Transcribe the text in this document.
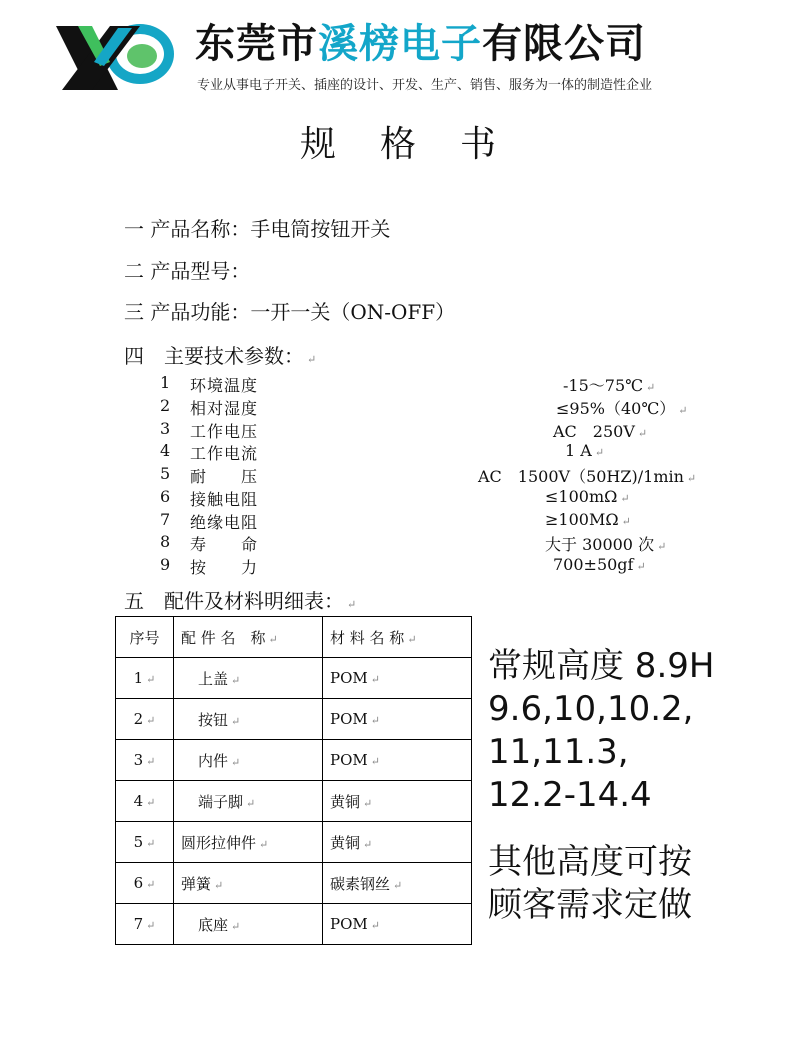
东莞市溪榜电子有限公司
专业从事电子开关、插座的设计、开发、生产、销售、服务为一体的制造性企业
规格书
一 产品名称：手电筒按钮开关
二 产品型号：
三 产品功能：一开一关（ON-OFF）
四　主要技术参数： ↵
1 环境温度	-15～75℃ ↵
2 相对湿度	≤95%（40℃） ↵
3 工作电压	AC　250V ↵
4 工作电流	1 A ↵
5 耐　　压	AC　1500V（50HZ)/1min ↵
6 接触电阻	≤100mΩ ↵
7 绝缘电阻	≥100MΩ ↵
8 寿　　命	大于 30000 次 ↵
9 按　　力	700±50gf ↵
五　配件及材料明细表： ↵
序号	配 件 名　称 ↵	材 料 名 称 ↵
1 ↵	上盖 ↵	POM ↵
2 ↵	按钮 ↵	POM ↵
3 ↵	内件 ↵	POM ↵
4 ↵	端子脚 ↵	黄铜 ↵
5 ↵	圆形拉伸件 ↵	黄铜 ↵
6 ↵	弹簧 ↵	碳素钢丝 ↵
7 ↵	底座 ↵	POM ↵
常规高度 8.9H
9.6,10,10.2,
11,11.3,
12.2-14.4
其他高度可按
顾客需求定做
